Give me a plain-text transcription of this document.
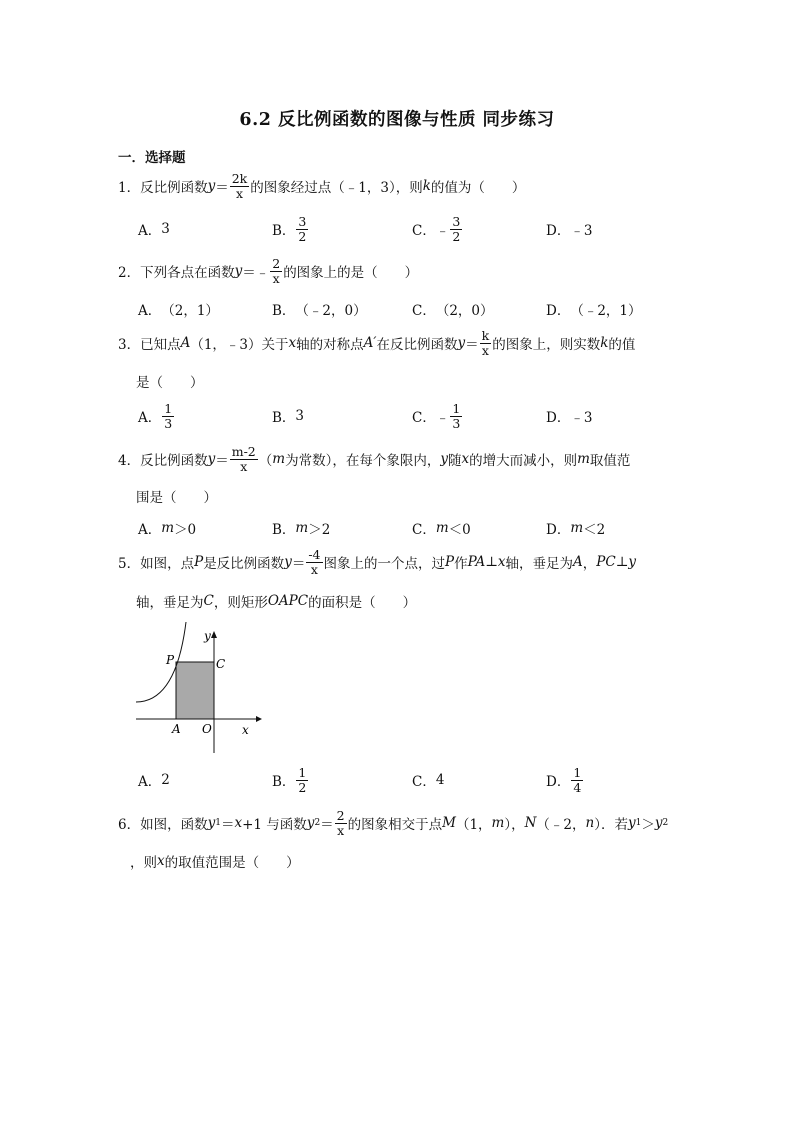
6.2 反比例函数的图像与性质 同步练习
一．选择题
1． 反比例函数 $y = \frac{2k}{x}$ 的图象经过点（﹣1，3），则 k 的值为（　　）
A． 3	B． $\frac{3}{2}$	C． ﹣ $\frac{3}{2}$	D． ﹣3
2． 下列各点在函数 y ＝﹣ $\frac{2}{x}$ 的图象上的是（　　）
A． （2，1）	B． （﹣2，0）	C． （2，0）	D． （﹣2，1）
3． 已知点 A （1，﹣3）关于 x 轴的对称点 A′ 在反比例函数 $y = \frac{k}{x}$ 的图象上，则实数 k 的值
是（　　）
A． $\frac{1}{3}$	B． 3	C． ﹣ $\frac{1}{3}$	D． ﹣3
4． 反比例函数 $y = \frac{m-2}{x}$ （ m 为常数），在每个象限内， y 随 x 的增大而减小，则 m 取值范
围是（　　）
A． m ＞0	B． m ＞2	C． m ＜0	D． m ＜2
5． 如图，点 P 是反比例函数 $y = \frac{-4}{x}$ 图象上的一个点，过 P 作 PA ⊥ x 轴，垂足为 A ， PC ⊥ y
轴，垂足为 C ，则矩形 OAPC 的面积是（　　）
y
x
P	C
A O
A． 2	B． $\frac{1}{2}$	C． 4	D． $\frac{1}{4}$
6． 如图，函数 y 1 ＝ x +1 与函数 y $2 = \frac{2}{x}$ 的图象相交于点 M （1， m ）， N （﹣2， n ）．若 y 1 ＞ y 2
，则 x 的取值范围是（　　）
